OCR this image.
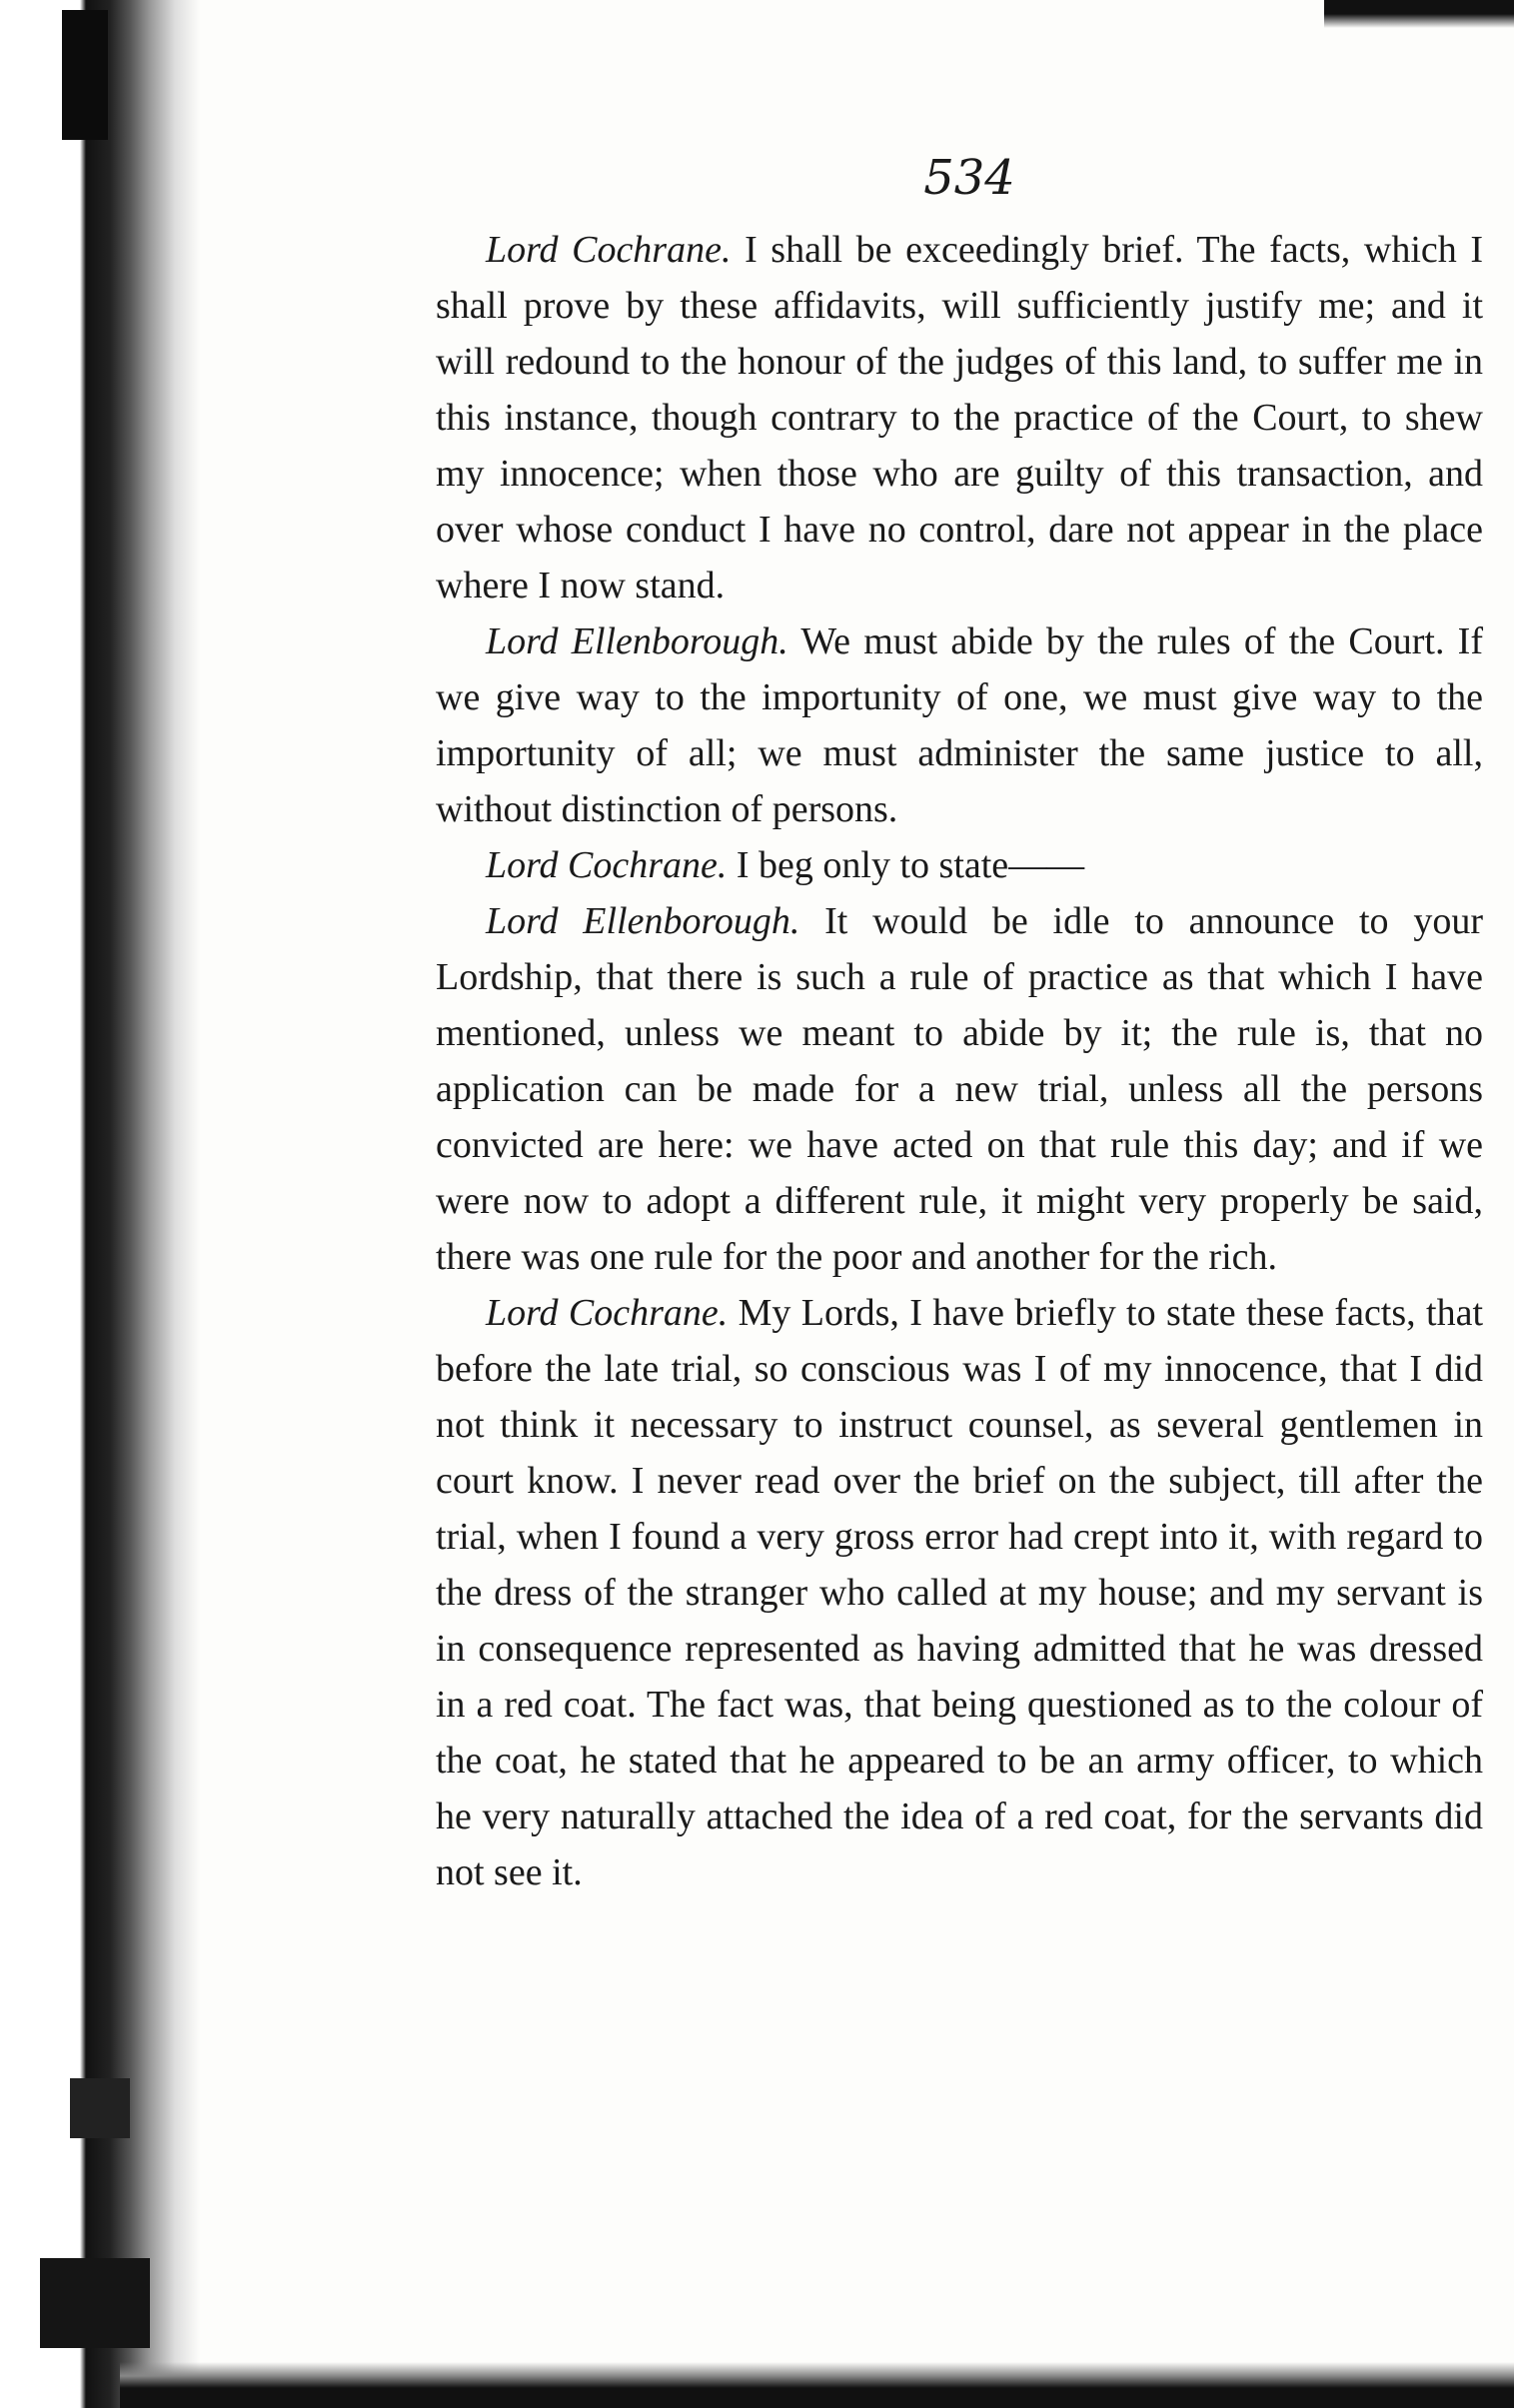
534

Lord Cochrane. I shall be exceedingly brief. The facts, which I shall prove by these affidavits, will sufficiently justify me; and it will redound to the honour of the judges of this land, to suffer me in this instance, though contrary to the practice of the Court, to shew my innocence; when those who are guilty of this transaction, and over whose conduct I have no control, dare not appear in the place where I now stand.

Lord Ellenborough. We must abide by the rules of the Court. If we give way to the importunity of one, we must give way to the importunity of all; we must administer the same justice to all, without distinction of persons.

Lord Cochrane. I beg only to state——

Lord Ellenborough. It would be idle to announce to your Lordship, that there is such a rule of practice as that which I have mentioned, unless we meant to abide by it; the rule is, that no application can be made for a new trial, unless all the persons convicted are here: we have acted on that rule this day; and if we were now to adopt a different rule, it might very properly be said, there was one rule for the poor and another for the rich.

Lord Cochrane. My Lords, I have briefly to state these facts, that before the late trial, so conscious was I of my innocence, that I did not think it necessary to instruct counsel, as several gentlemen in court know. I never read over the brief on the subject, till after the trial, when I found a very gross error had crept into it, with regard to the dress of the stranger who called at my house; and my servant is in consequence represented as having admitted that he was dressed in a red coat. The fact was, that being questioned as to the colour of the coat, he stated that he appeared to be an army officer, to which he very naturally attached the idea of a red coat, for the servants did not see it.
